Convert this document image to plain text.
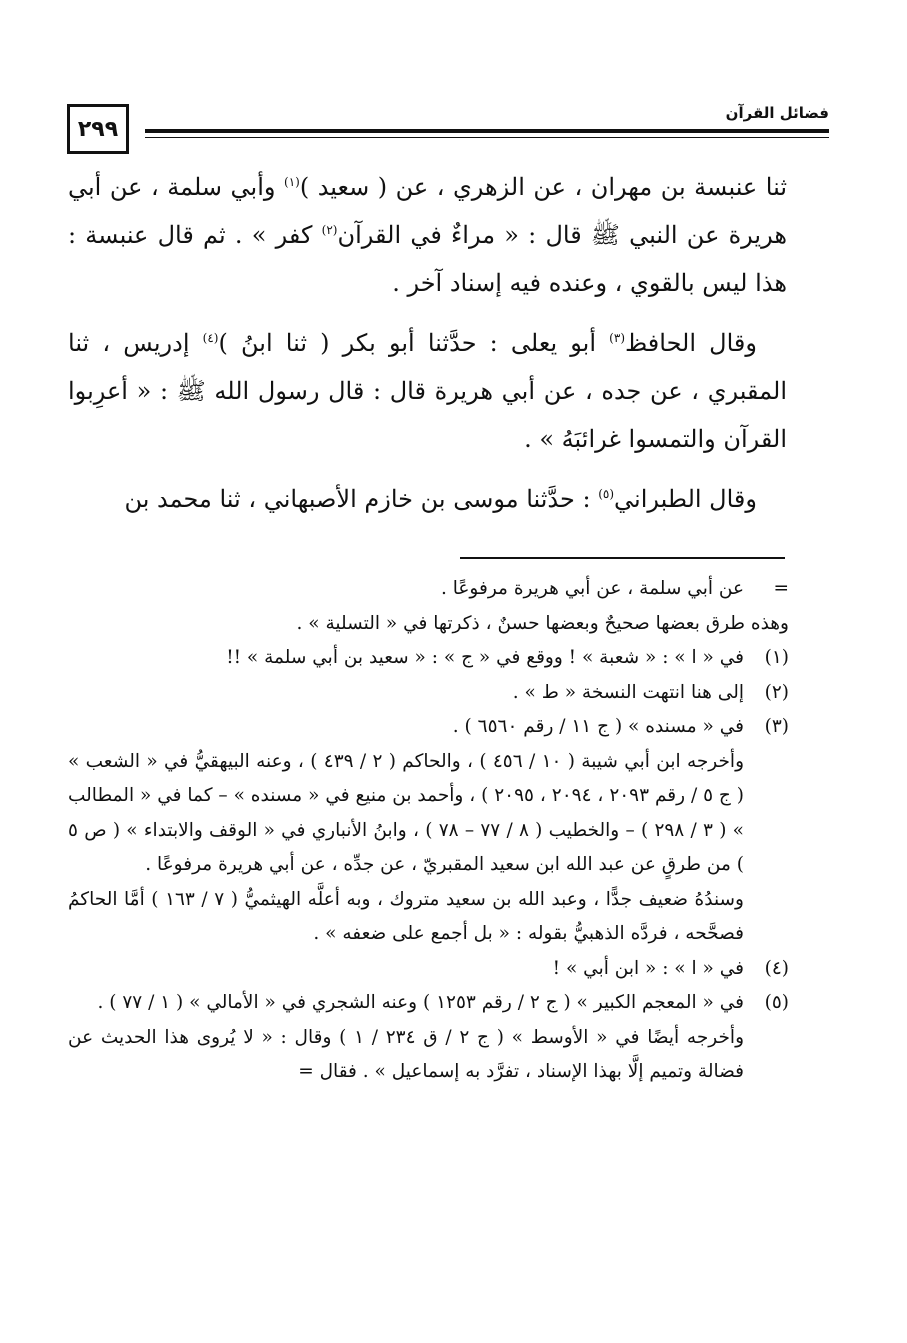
٢٩٩
فضائل القرآن

ثنا عنبسة بن مهران ، عن الزهري ، عن ( سعيد )$^{(١)}$ وأبي سلمة ، عن أبي هريرة عن النبي ﷺ قال : « مراءٌ في القرآن$^{(٢)}$ كفر » . ثم قال عنبسة : هذا ليس بالقوي ، وعنده فيه إسناد آخر .

وقال الحافظ$^{(٣)}$ أبو يعلى : حدَّثنا أبو بكر ( ثنا ابنُ )$^{(٤)}$ إدريس ، ثنا المقبري ، عن جده ، عن أبي هريرة قال : قال رسول الله ﷺ : « أعرِبوا القرآن والتمسوا غرائبَهُ » .

وقال الطبراني$^{(٥)}$ : حدَّثنا موسى بن خازم الأصبهاني ، ثنا محمد بن

=
عن أبي سلمة ، عن أبي هريرة مرفوعًا .
وهذه طرق بعضها صحيحٌ وبعضها حسنٌ ، ذكرتها في « التسلية » .
(١)
في « ا » : « شعبة » ! ووقع في « ج » : « سعيد بن أبي سلمة » !!
(٢)
إلى هنا انتهت النسخة « ط » .
(٣)
في « مسنده » ( ج ١١ / رقم ٦٥٦٠ ) .
وأخرجه ابن أبي شيبة ( ١٠ / ٤٥٦ ) ، والحاكم ( ٢ / ٤٣٩ ) ، وعنه البيهقيُّ في « الشعب » ( ج ٥ / رقم ٢٠٩٣ ، ٢٠٩٤ ، ٢٠٩٥ ) ، وأحمد بن منيع في « مسنده » – كما في « المطالب » ( ٣ / ٢٩٨ ) – والخطيب ( ٨ / ٧٧ – ٧٨ ) ، وابنُ الأنباري في « الوقف والابتداء » ( ص ٥ ) من طرقٍ عن عبد الله ابن سعيد المقبريّ ، عن جدِّه ، عن أبي هريرة مرفوعًا .
وسندُهُ ضعيف جدًّا ، وعبد الله بن سعيد متروك ، وبه أعلَّه الهيثميُّ ( ٧ / ١٦٣ ) أمَّا الحاكمُ فصحَّحه ، فردَّه الذهبيُّ بقوله : « بل أجمع على ضعفه » .
(٤)
في « ا » : « ابن أبي » !
(٥)
في « المعجم الكبير » ( ج ٢ / رقم ١٢٥٣ ) وعنه الشجري في « الأمالي » ( ١ / ٧٧ ) .
وأخرجه أيضًا في « الأوسط » ( ج ٢ / ق ٢٣٤ / ١ ) وقال : « لا يُروى هذا الحديث عن فضالة وتميم إلَّا بهذا الإسناد ، تفرَّد به إسماعيل » . فقال =
